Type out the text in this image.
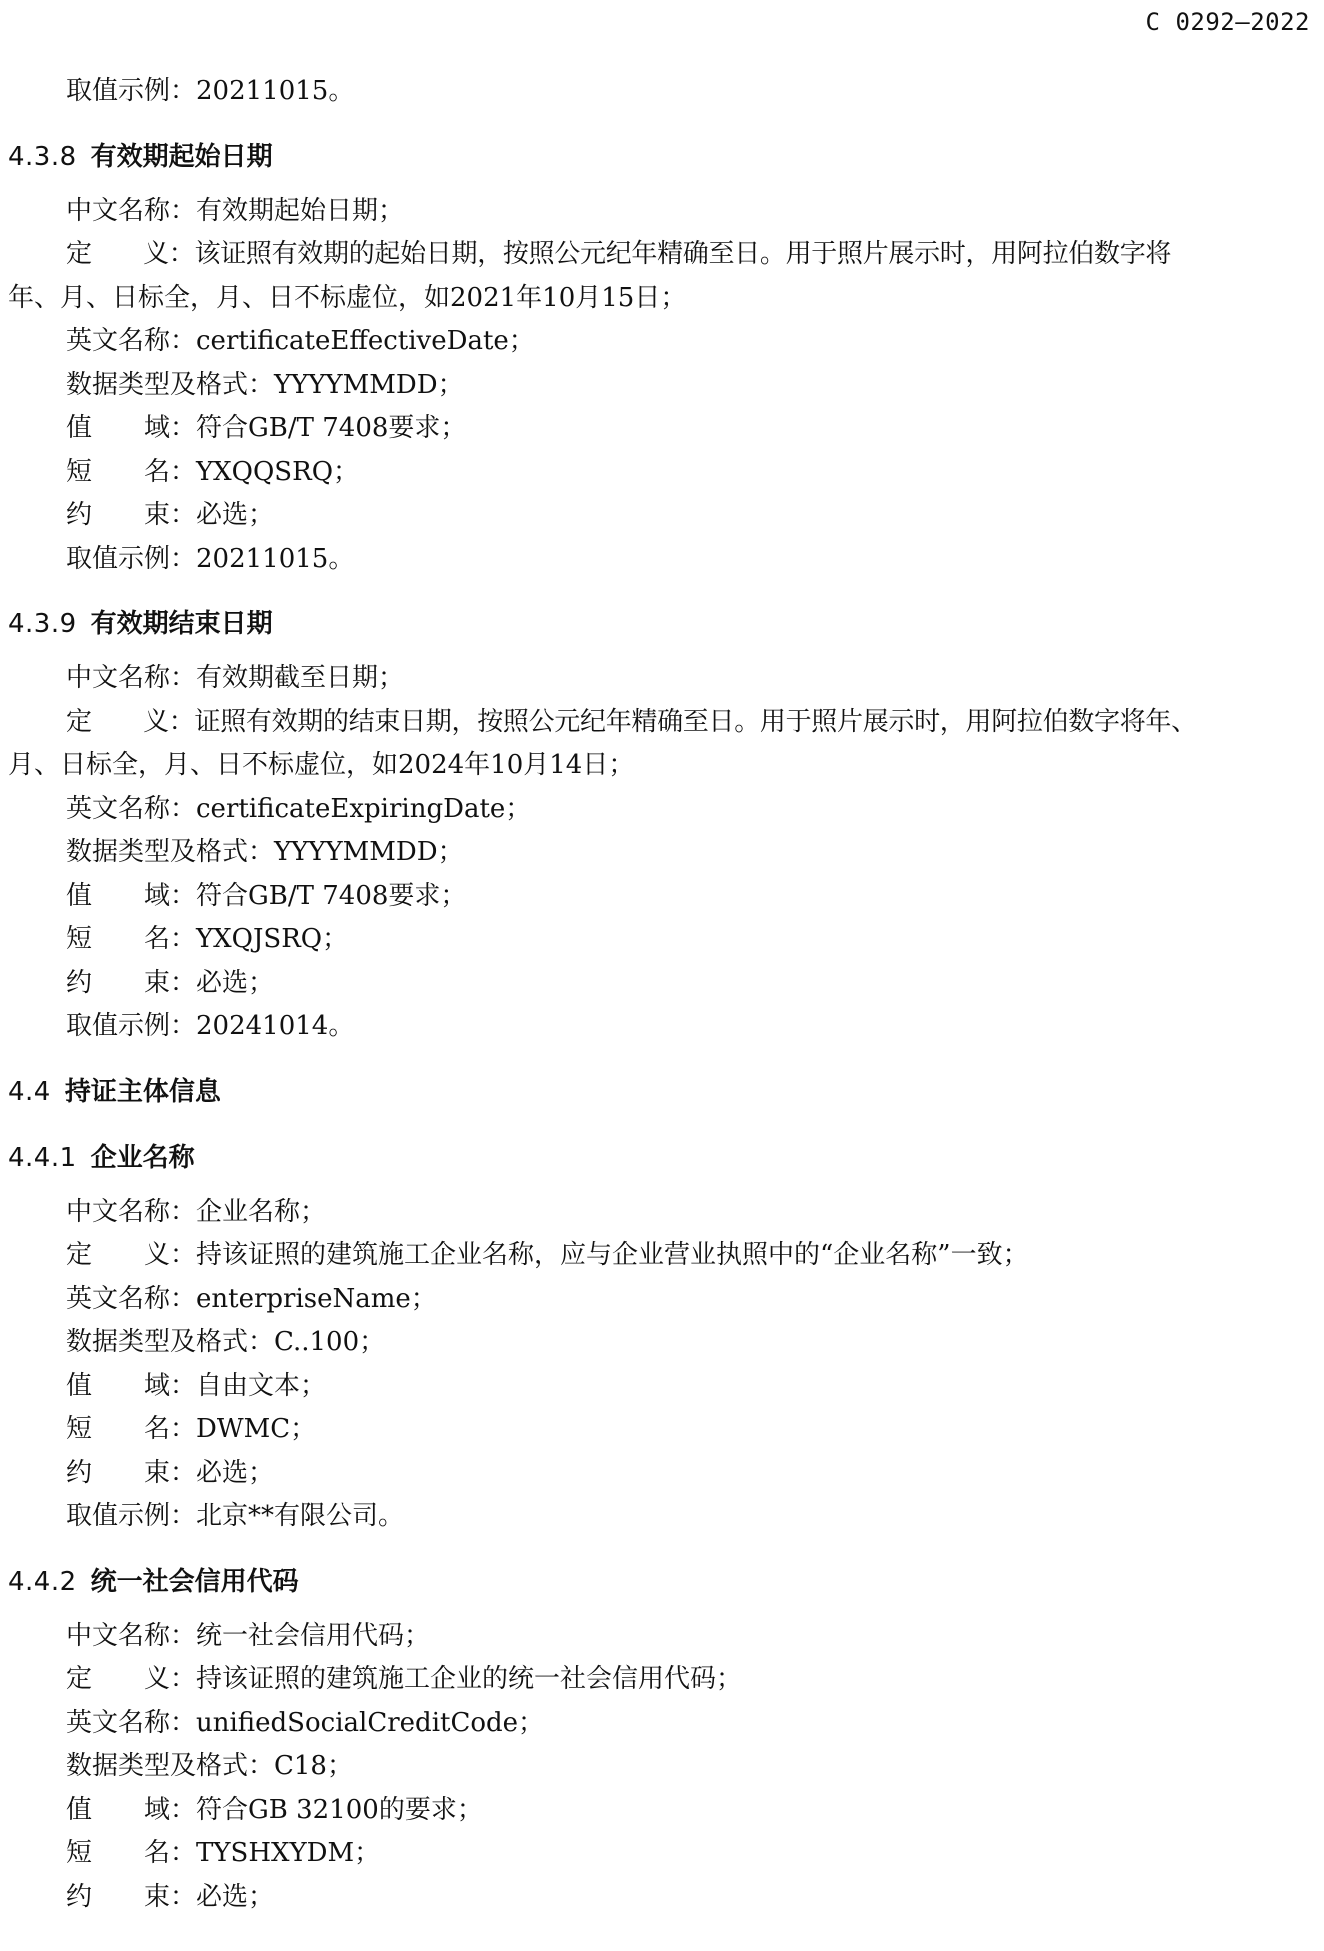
C 0292—2022
取值示例：20211015。
4.3.8 有效期起始日期
中文名称：有效期起始日期；
定　　义：该证照有效期的起始日期，按照公元纪年精确至日。用于照片展示时，用阿拉伯数字将
年、月、日标全，月、日不标虚位，如2021年10月15日；
英文名称：certificateEffectiveDate；
数据类型及格式：YYYYMMDD；
值　　域：符合GB/T 7408要求；
短　　名：YXQQSRQ；
约　　束：必选；
取值示例：20211015。
4.3.9 有效期结束日期
中文名称：有效期截至日期；
定　　义：证照有效期的结束日期，按照公元纪年精确至日。用于照片展示时，用阿拉伯数字将年、
月、日标全，月、日不标虚位，如2024年10月14日；
英文名称：certificateExpiringDate；
数据类型及格式：YYYYMMDD；
值　　域：符合GB/T 7408要求；
短　　名：YXQJSRQ；
约　　束：必选；
取值示例：20241014。
4.4 持证主体信息
4.4.1 企业名称
中文名称：企业名称；
定　　义：持该证照的建筑施工企业名称，应与企业营业执照中的“企业名称”一致；
英文名称：enterpriseName；
数据类型及格式：C..100；
值　　域：自由文本；
短　　名：DWMC；
约　　束：必选；
取值示例：北京**有限公司。
4.4.2 统一社会信用代码
中文名称：统一社会信用代码；
定　　义：持该证照的建筑施工企业的统一社会信用代码；
英文名称：unifiedSocialCreditCode；
数据类型及格式：C18；
值　　域：符合GB 32100的要求；
短　　名：TYSHXYDM；
约　　束：必选；
